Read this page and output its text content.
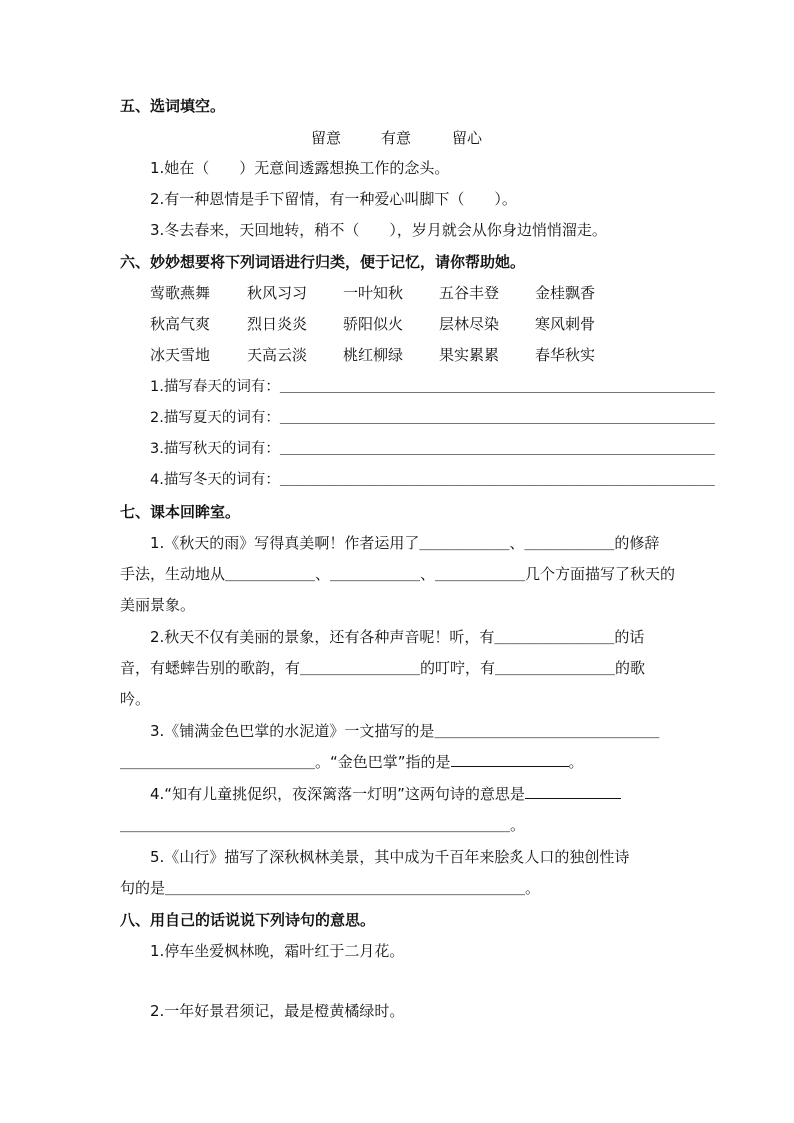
五、选词填空。
留意	有意	留心
1.她在（　　）无意间透露想换工作的念头。
2.有一种恩情是手下留情，有一种爱心叫脚下（　　）。
3.冬去春来，天回地转，稍不（　　），岁月就会从你身边悄悄溜走。
六、妙妙想要将下列词语进行归类，便于记忆，请你帮助她。
莺歌燕舞 秋风习习 一叶知秋 五谷丰登 金桂飘香
秋高气爽 烈日炎炎 骄阳似火 层林尽染 寒风刺骨
冰天雪地 天高云淡 桃红柳绿 果实累累 春华秋实
1.描写春天的词有：＿＿＿＿＿＿＿＿＿＿＿＿＿＿＿＿＿＿＿＿＿＿＿＿＿＿＿＿＿＿
2.描写夏天的词有：＿＿＿＿＿＿＿＿＿＿＿＿＿＿＿＿＿＿＿＿＿＿＿＿＿＿＿＿＿＿
3.描写秋天的词有：＿＿＿＿＿＿＿＿＿＿＿＿＿＿＿＿＿＿＿＿＿＿＿＿＿＿＿＿＿＿
4.描写冬天的词有：＿＿＿＿＿＿＿＿＿＿＿＿＿＿＿＿＿＿＿＿＿＿＿＿＿＿＿＿＿＿
七、课本回眸室。
1.《秋天的雨》写得真美啊！作者运用了＿＿＿＿＿＿、＿＿＿＿＿＿的修辞
手法，生动地从＿＿＿＿＿＿、＿＿＿＿＿＿、＿＿＿＿＿＿几个方面描写了秋天的
美丽景象。
2.秋天不仅有美丽的景象，还有各种声音呢！听，有＿＿＿＿＿＿＿＿的话
音，有蟋蟀告别的歌韵，有＿＿＿＿＿＿＿＿的叮咛，有＿＿＿＿＿＿＿＿的歌
吟。
3.《铺满金色巴掌的水泥道》一文描写的是＿＿＿＿＿＿＿＿＿＿＿＿＿＿＿
＿＿＿＿＿＿＿＿＿＿＿＿＿。“金色巴掌”指的是	。
4.“知有儿童挑促织，夜深篱落一灯明”这两句诗的意思是
＿＿＿＿＿＿＿＿＿＿＿＿＿＿＿＿＿＿＿＿＿＿＿＿＿＿。
5.《山行》描写了深秋枫林美景，其中成为千百年来脍炙人口的独创性诗
句的是＿＿＿＿＿＿＿＿＿＿＿＿＿＿＿＿＿＿＿＿＿＿＿＿。
八、用自己的话说说下列诗句的意思。
1.停车坐爱枫林晚，霜叶红于二月花。
2.一年好景君须记，最是橙黄橘绿时。
